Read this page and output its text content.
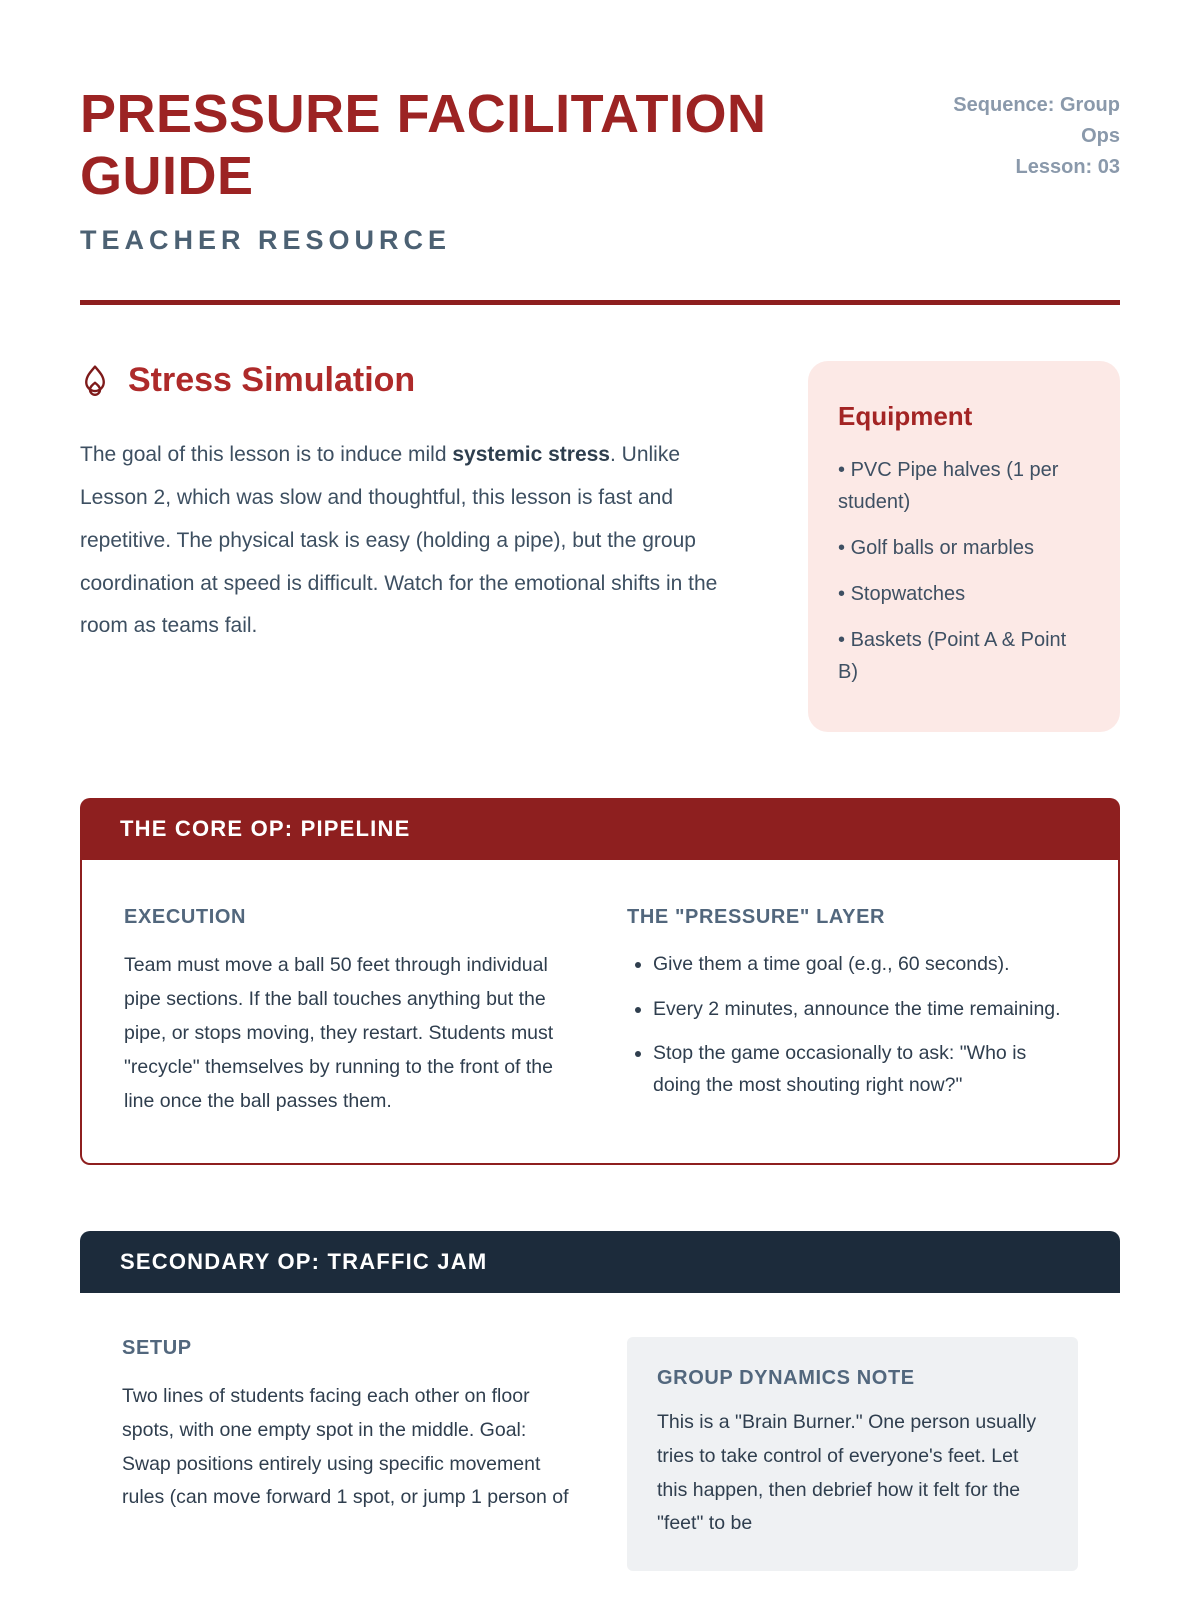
PRESSURE FACILITATION GUIDE
TEACHER RESOURCE
Sequence: Group Ops
Lesson: 03
Stress Simulation

The goal of this lesson is to induce mild systemic stress. Unlike Lesson 2, which was slow and thoughtful, this lesson is fast and repetitive. The physical task is easy (holding a pipe), but the group coordination at speed is difficult. Watch for the emotional shifts in the room as teams fail.

Equipment
• PVC Pipe halves (1 per student)
• Golf balls or marbles
• Stopwatches
• Baskets (Point A & Point B)
THE CORE OP: PIPELINE
EXECUTION

Team must move a ball 50 feet through individual pipe sections. If the ball touches anything but the pipe, or stops moving, they restart. Students must "recycle" themselves by running to the front of the line once the ball passes them.

THE "PRESSURE" LAYER
• Give them a time goal (e.g., 60 seconds).
• Every 2 minutes, announce the time remaining.
• Stop the game occasionally to ask: "Who is doing the most shouting right now?"
SECONDARY OP: TRAFFIC JAM
SETUP

Two lines of students facing each other on floor spots, with one empty spot in the middle. Goal: Swap positions entirely using specific movement rules (can move forward 1 spot, or jump 1 person of

GROUP DYNAMICS NOTE

This is a "Brain Burner." One person usually tries to take control of everyone's feet. Let this happen, then debrief how it felt for the "feet" to be
